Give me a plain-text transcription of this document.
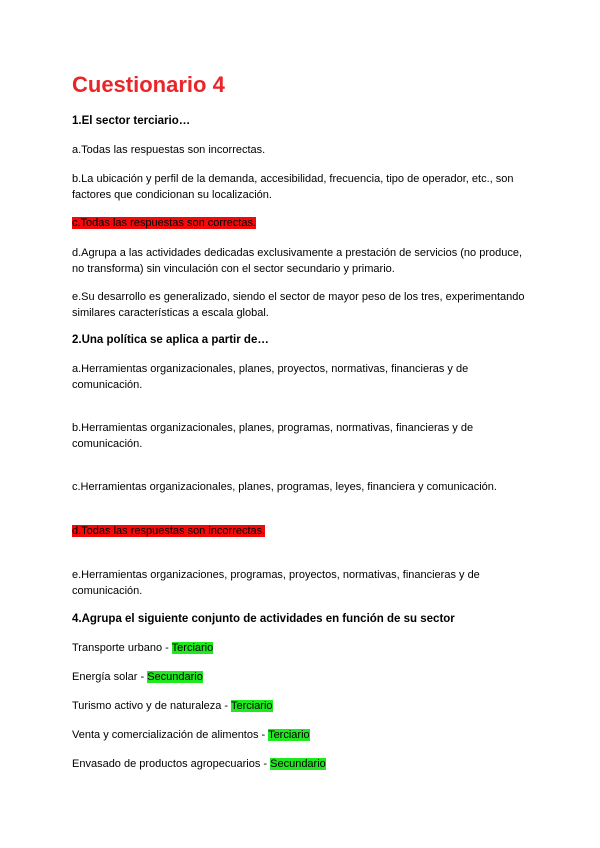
Cuestionario 4
1.El sector terciario…
a.Todas las respuestas son incorrectas.
b.La ubicación y perfil de la demanda, accesibilidad, frecuencia, tipo de operador, etc., son factores que condicionan su localización.
c.Todas las respuestas son correctas.
d.Agrupa a las actividades dedicadas exclusivamente a prestación de servicios (no produce, no transforma) sin vinculación con el sector secundario y primario.
e.Su desarrollo es generalizado, siendo el sector de mayor peso de los tres, experimentando similares características a escala global.
2.Una política se aplica a partir de…
a.Herramientas organizacionales, planes, proyectos, normativas, financieras y de comunicación.
b.Herramientas organizacionales, planes, programas, normativas, financieras y de comunicación.
c.Herramientas organizacionales, planes, programas, leyes, financiera y comunicación.
d.Todas las respuestas son incorrectas.
e.Herramientas organizaciones, programas, proyectos, normativas, financieras y de comunicación.
4.Agrupa el siguiente conjunto de actividades en función de su sector
Transporte urbano - Terciario
Energía solar - Secundario
Turismo activo y de naturaleza - Terciario
Venta y comercialización de alimentos - Terciario
Envasado de productos agropecuarios - Secundario
